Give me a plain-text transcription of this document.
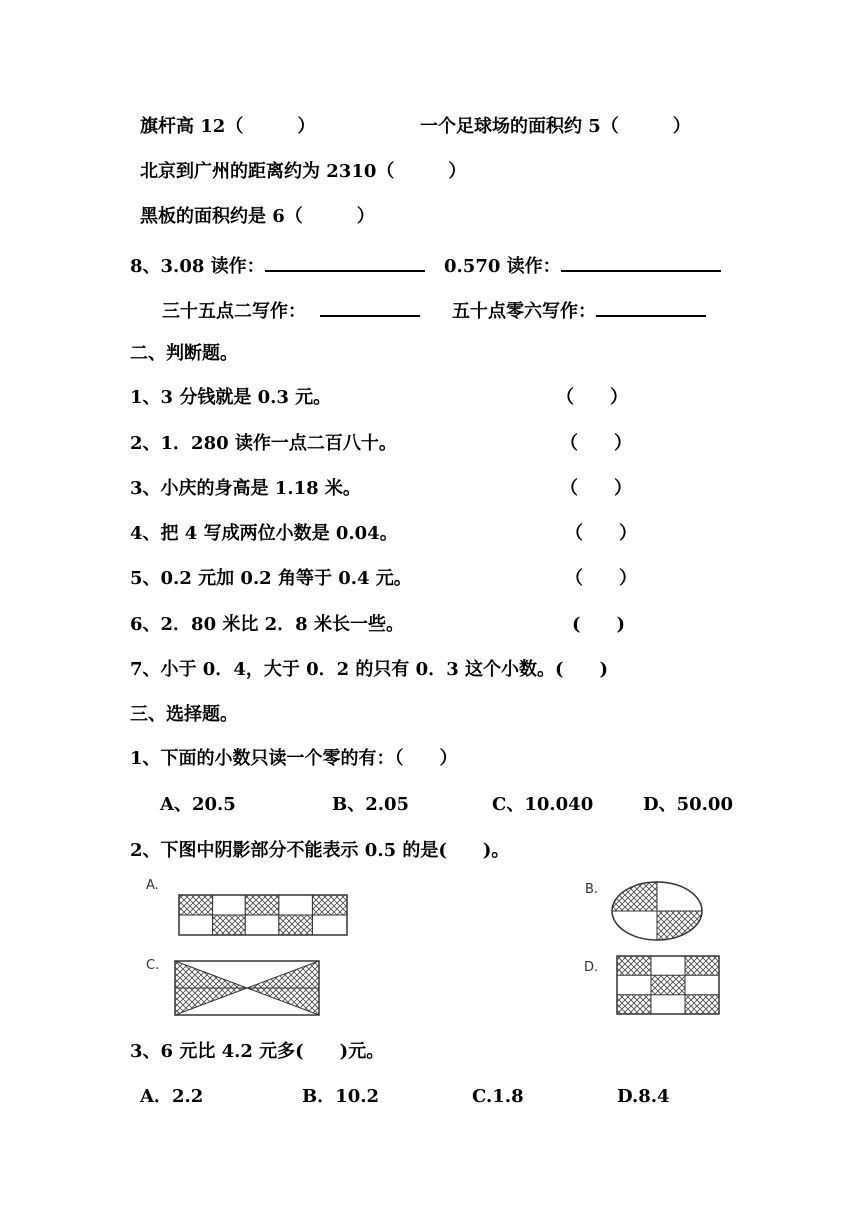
旗杆高 12（　　　）	一个足球场的面积约 5（　　　）
北京到广州的距离约为 2310（　　　）
黑板的面积约是 6（　　　）
8、3.08 读作：	0.570 读作：
三十五点二写作：	五十点零六写作：
二、判断题。
1、3 分钱就是 0.3 元。	（　　）
2、1．280 读作一点二百八十。	（　　）
3、小庆的身高是 1.18 米。	（　　）
4、把 4 写成两位小数是 0.04。	（　　）
5、0.2 元加 0.2 角等于 0.4 元。	（　　）
6、2．80 米比 2．8 米长一些。	(　　)
7、小于 0．4，大于 0．2 的只有 0．3 这个小数。(　　)
三、选择题。
1、下面的小数只读一个零的有：（　　）
A、20.5	B、2.05	C、10.040	D、50.00
2、下图中阴影部分不能表示 0.5 的是(　　)。
A.	B.
C.	D.
3、6 元比 4.2 元多(　　)元。
A．2.2	B．10.2	C.1.8	D.8.4
